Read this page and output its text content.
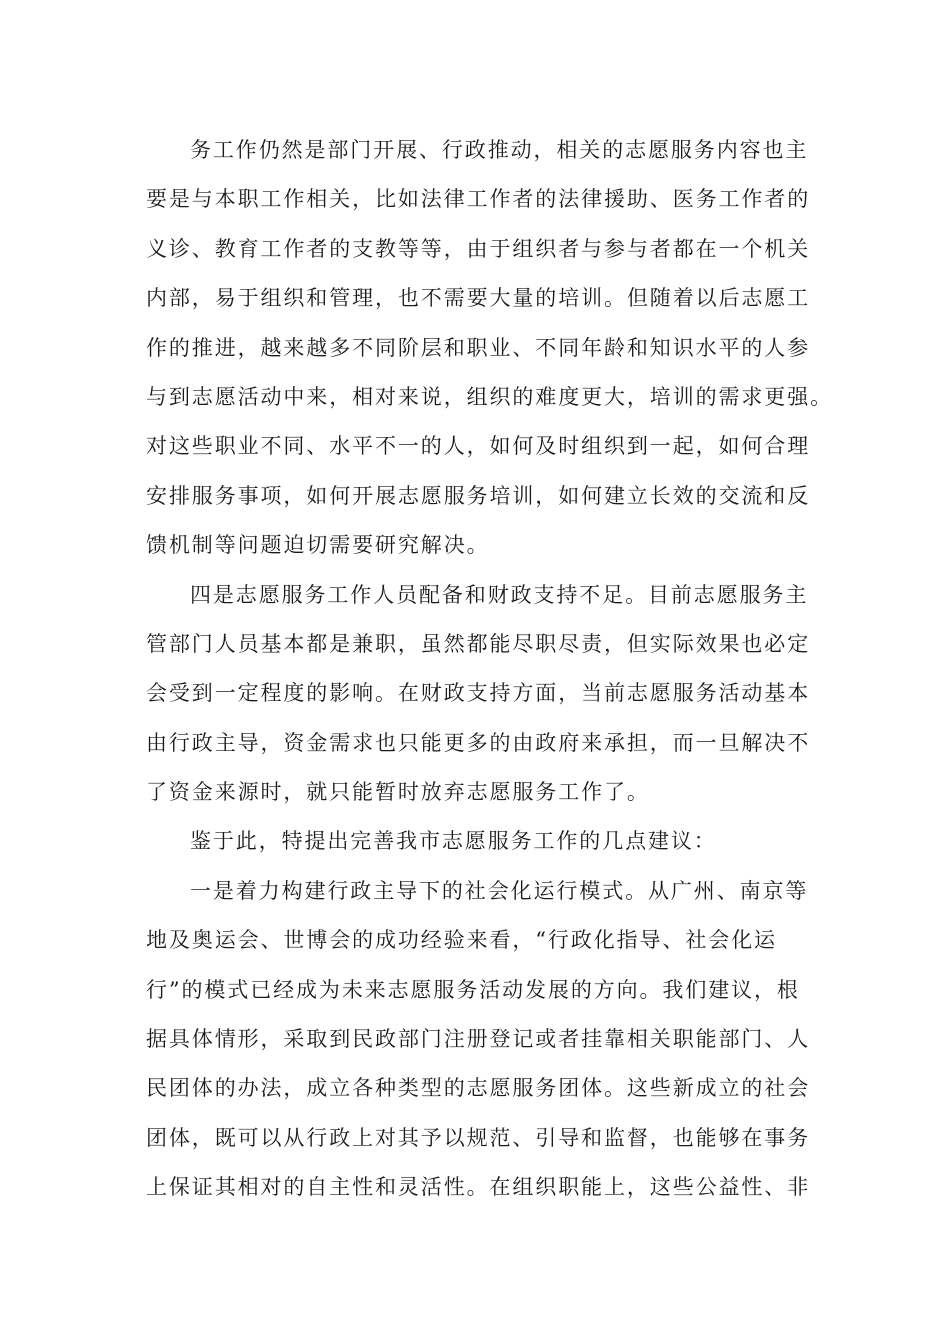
务工作仍然是部门开展、行政推动，相关的志愿服务内容也主
要是与本职工作相关，比如法律工作者的法律援助、医务工作者的
义诊、教育工作者的支教等等，由于组织者与参与者都在一个机关
内部，易于组织和管理，也不需要大量的培训。但随着以后志愿工
作的推进，越来越多不同阶层和职业、不同年龄和知识水平的人参
与到志愿活动中来，相对来说，组织的难度更大，培训的需求更强。
对这些职业不同、水平不一的人，如何及时组织到一起，如何合理
安排服务事项，如何开展志愿服务培训，如何建立长效的交流和反
馈机制等问题迫切需要研究解决。
四是志愿服务工作人员配备和财政支持不足。目前志愿服务主
管部门人员基本都是兼职，虽然都能尽职尽责，但实际效果也必定
会受到一定程度的影响。在财政支持方面，当前志愿服务活动基本
由行政主导，资金需求也只能更多的由政府来承担，而一旦解决不
了资金来源时，就只能暂时放弃志愿服务工作了。
鉴于此，特提出完善我市志愿服务工作的几点建议：
一是着力构建行政主导下的社会化运行模式。从广州、南京等
地及奥运会、世博会的成功经验来看，“行政化指导、社会化运
行”的模式已经成为未来志愿服务活动发展的方向。我们建议，根
据具体情形，采取到民政部门注册登记或者挂靠相关职能部门、人
民团体的办法，成立各种类型的志愿服务团体。这些新成立的社会
团体，既可以从行政上对其予以规范、引导和监督，也能够在事务
上保证其相对的自主性和灵活性。在组织职能上，这些公益性、非
